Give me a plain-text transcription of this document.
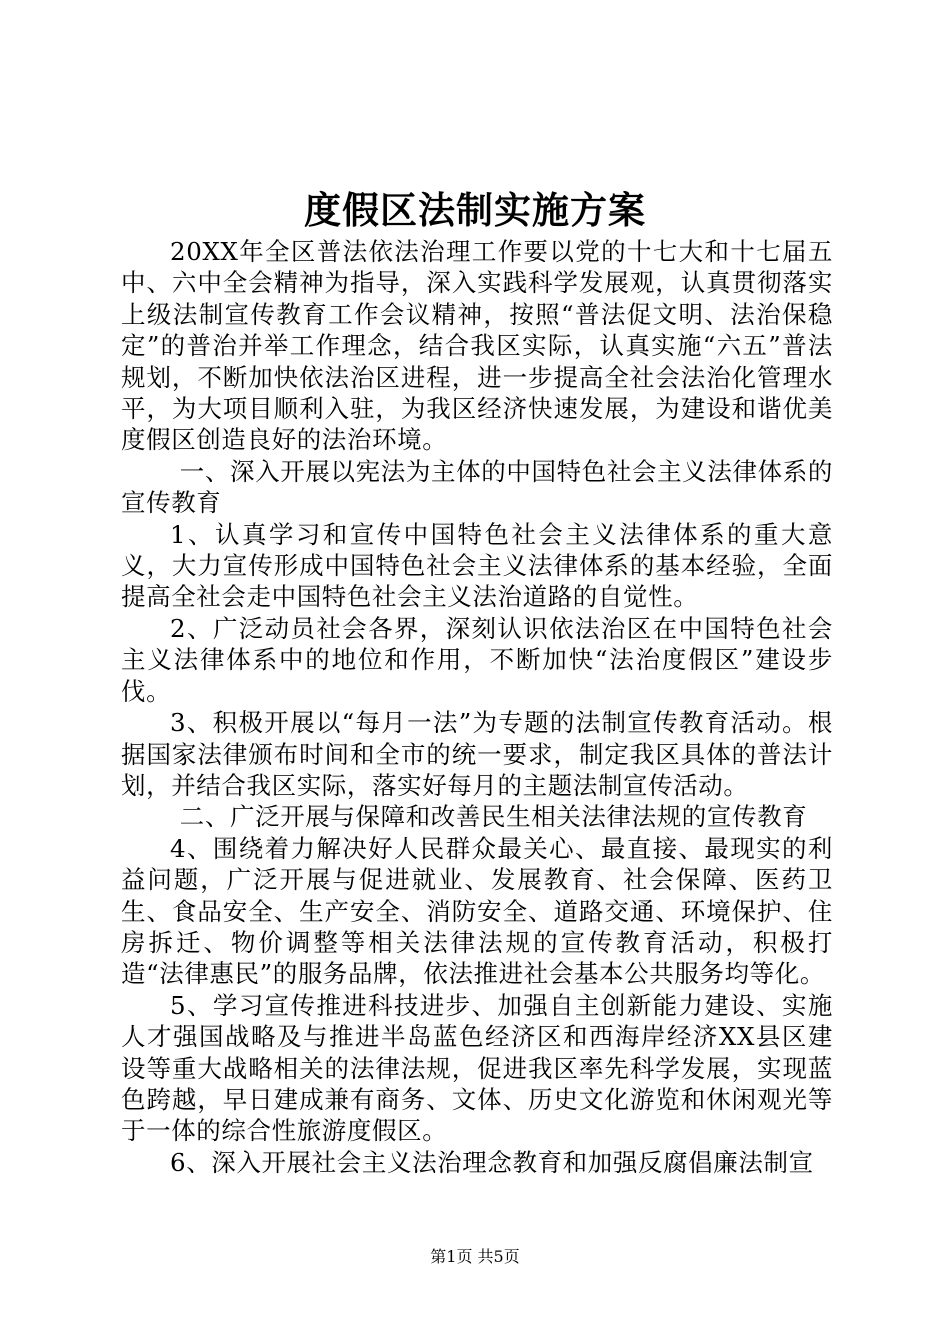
度假区法制实施方案

20XX年全区普法依法治理工作要以党的十七大和十七届五中、六中全会精神为指导，深入实践科学发展观，认真贯彻落实上级法制宣传教育工作会议精神，按照“普法促文明、法治保稳定”的普治并举工作理念，结合我区实际，认真实施“六五”普法规划，不断加快依法治区进程，进一步提高全社会法治化管理水平，为大项目顺利入驻，为我区经济快速发展，为建设和谐优美度假区创造良好的法治环境。

一、深入开展以宪法为主体的中国特色社会主义法律体系的宣传教育

1、认真学习和宣传中国特色社会主义法律体系的重大意义，大力宣传形成中国特色社会主义法律体系的基本经验，全面提高全社会走中国特色社会主义法治道路的自觉性。

2、广泛动员社会各界，深刻认识依法治区在中国特色社会主义法律体系中的地位和作用，不断加快“法治度假区”建设步伐。

3、积极开展以“每月一法”为专题的法制宣传教育活动。根据国家法律颁布时间和全市的统一要求，制定我区具体的普法计划，并结合我区实际，落实好每月的主题法制宣传活动。

二、广泛开展与保障和改善民生相关法律法规的宣传教育

4、围绕着力解决好人民群众最关心、最直接、最现实的利益问题，广泛开展与促进就业、发展教育、社会保障、医药卫生、食品安全、生产安全、消防安全、道路交通、环境保护、住房拆迁、物价调整等相关法律法规的宣传教育活动，积极打造“法律惠民”的服务品牌，依法推进社会基本公共服务均等化。

5、学习宣传推进科技进步、加强自主创新能力建设、实施人才强国战略及与推进半岛蓝色经济区和西海岸经济XX县区建设等重大战略相关的法律法规，促进我区率先科学发展，实现蓝色跨越，早日建成兼有商务、文体、历史文化游览和休闲观光等于一体的综合性旅游度假区。

6、深入开展社会主义法治理念教育和加强反腐倡廉法制宣

第1页 共5页
